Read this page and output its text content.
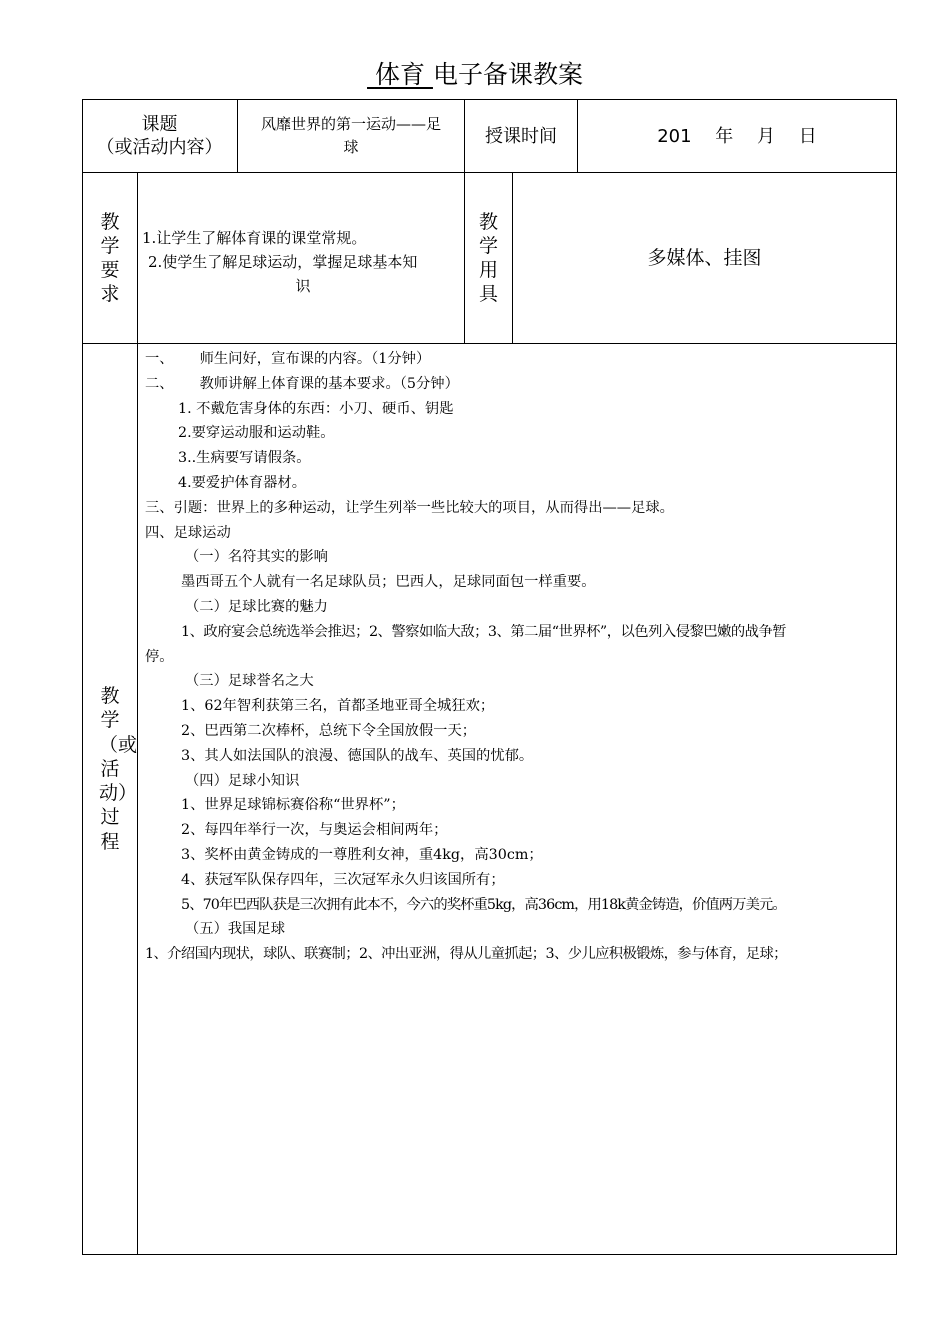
体育 电子备课教案
课题
（或活动内容）
风靡世界的第一运动——足
球
授课时间	201　 年　 月　 日
教学要求
1.让学生了解体育课的课堂常规。
2.使学生了解足球运动，掌握足球基本知
识
教学用具
多媒体、挂图
教学（或活动）过程
一、　　 师生问好，宣布课的内容。（1分钟）
二、　　 教师讲解上体育课的基本要求。（5分钟）
1. 不戴危害身体的东西：小刀、硬币、钥匙
2.要穿运动服和运动鞋。
3..生病要写请假条。
4.要爱护体育器材。
三、引题：世界上的多种运动，让学生列举一些比较大的项目，从而得出——足球。
四、足球运动
（一）名符其实的影响
墨西哥五个人就有一名足球队员；巴西人，足球同面包一样重要。
（二）足球比赛的魅力
1、政府宴会总统选举会推迟；2、警察如临大敌；3、第二届“世界杯”，以色列入侵黎巴嫩的战争暂
停。
（三）足球誉名之大
1、62年智利获第三名，首都圣地亚哥全城狂欢；
2、巴西第二次棒杯，总统下令全国放假一天；
3、其人如法国队的浪漫、德国队的战车、英国的忧郁。
（四）足球小知识
1、世界足球锦标赛俗称“世界杯”；
2、每四年举行一次，与奥运会相间两年；
3、奖杯由黄金铸成的一尊胜利女神，重4kg，高30cm；
4、获冠军队保存四年，三次冠军永久归该国所有；
5、70年巴西队获是三次拥有此本不，今六的奖杯重5kg，高36cm，用18k黄金铸造，价值两万美元。
（五）我国足球
1、介绍国内现状，球队、联赛制；2、冲出亚洲，得从儿童抓起；3、少儿应积极锻炼，参与体育，足球；
